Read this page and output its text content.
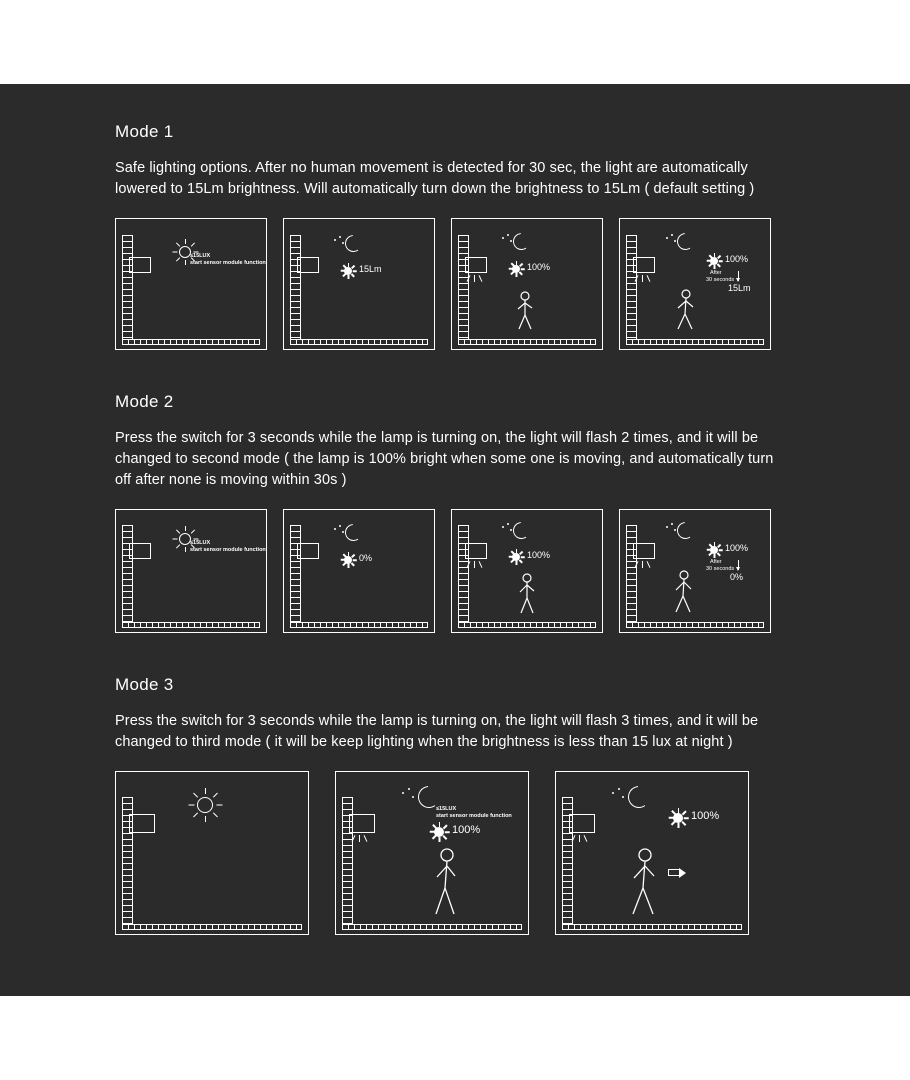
Mode 1

Safe lighting options. After no human movement is detected for 30 sec, the light are automatically lowered to 15Lm brightness. Will automatically turn down the brightness to 15Lm ( default setting )

≤15LUX
start sensor module function
15Lm	100%
100%
After
30 seconds
15Lm
Mode 2

Press the switch for 3 seconds while the lamp is turning on, the light will flash 2 times, and it will be changed to second mode ( the lamp is 100% bright when some one is moving, and automatically turn off after none is moving within 30s )

≤15LUX
start sensor module function
0%	100%
100%
After
30 seconds
0%
Mode 3

Press the switch for 3 seconds while the lamp is turning on, the light will flash 3 times, and it will be changed to third mode ( it will be keep lighting when the brightness is less than 15 lux at night )

≤15LUX
start sensor module function
100%
100%
